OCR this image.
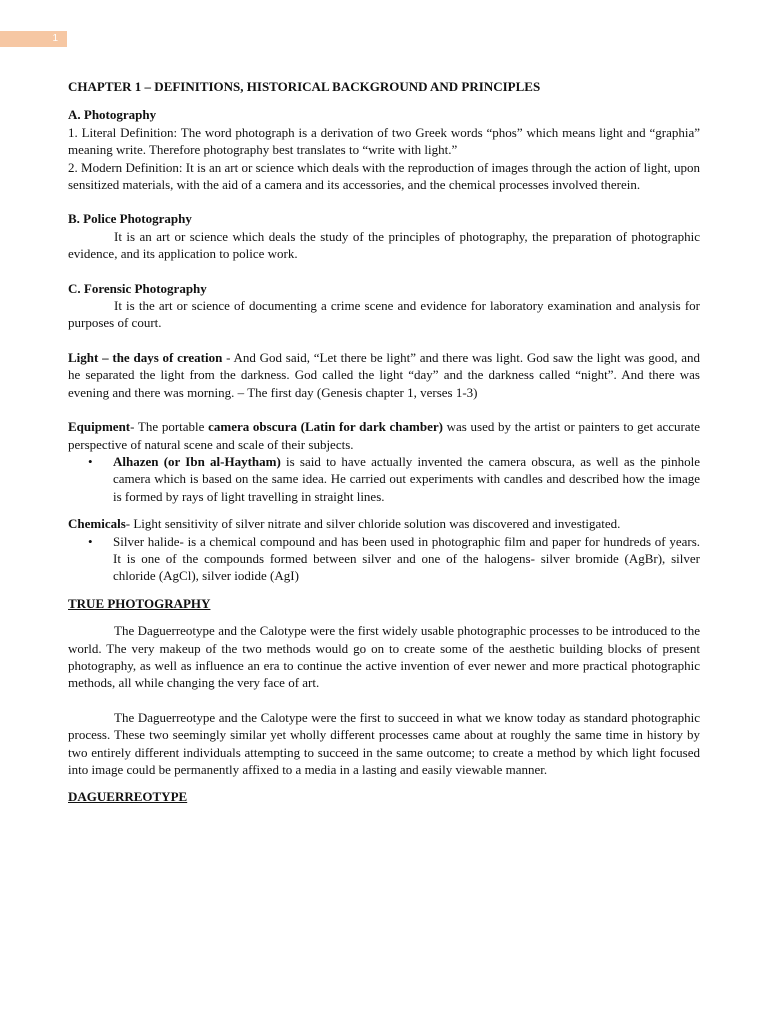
1

CHAPTER 1 – DEFINITIONS, HISTORICAL BACKGROUND AND PRINCIPLES

A. Photography

1. Literal Definition: The word photograph is a derivation of two Greek words “phos” which means light and “graphia” meaning write. Therefore photography best translates to “write with light.”

2. Modern Definition: It is an art or science which deals with the reproduction of images through the action of light, upon sensitized materials, with the aid of a camera and its accessories, and the chemical processes involved therein.

B. Police Photography

It is an art or science which deals the study of the principles of photography, the preparation of photographic evidence, and its application to police work.

C. Forensic Photography

It is the art or science of documenting a crime scene and evidence for laboratory examination and analysis for purposes of court.

Light – the days of creation - And God said, “Let there be light” and there was light. God saw the light was good, and he separated the light from the darkness. God called the light “day” and the darkness called “night”. And there was evening and there was morning. – The first day (Genesis chapter 1, verses 1-3)

Equipment- The portable camera obscura (Latin for dark chamber) was used by the artist or painters to get accurate perspective of natural scene and scale of their subjects.

• Alhazen (or Ibn al-Haytham) is said to have actually invented the camera obscura, as well as the pinhole camera which is based on the same idea. He carried out experiments with candles and described how the image is formed by rays of light travelling in straight lines.

Chemicals- Light sensitivity of silver nitrate and silver chloride solution was discovered and investigated.

• Silver halide- is a chemical compound and has been used in photographic film and paper for hundreds of years. It is one of the compounds formed between silver and one of the halogens- silver bromide (AgBr), silver chloride (AgCl), silver iodide (AgI)

TRUE PHOTOGRAPHY

The Daguerreotype and the Calotype were the first widely usable photographic processes to be introduced to the world. The very makeup of the two methods would go on to create some of the aesthetic building blocks of present photography, as well as influence an era to continue the active invention of ever newer and more practical photographic methods, all while changing the very face of art.

The Daguerreotype and the Calotype were the first to succeed in what we know today as standard photographic process. These two seemingly similar yet wholly different processes came about at roughly the same time in history by two entirely different individuals attempting to succeed in the same outcome; to create a method by which light focused into image could be permanently affixed to a media in a lasting and easily viewable manner.

DAGUERREOTYPE
